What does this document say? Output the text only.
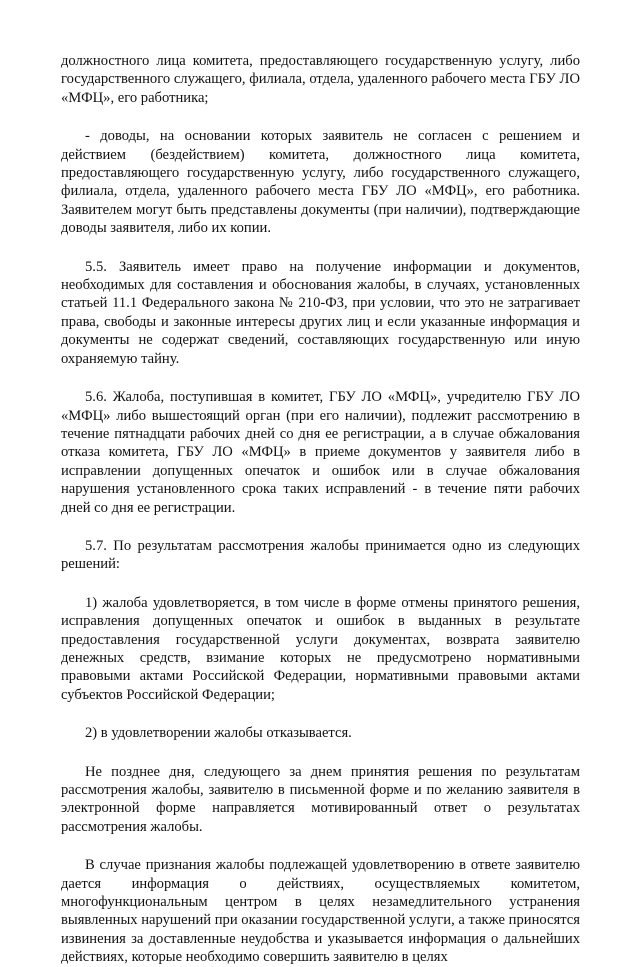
должностного лица комитета, предоставляющего государственную услугу, либо государственного служащего, филиала, отдела, удаленного рабочего места ГБУ ЛО «МФЦ», его работника;

- доводы, на основании которых заявитель не согласен с решением и действием (бездействием) комитета, должностного лица комитета, предоставляющего государственную услугу, либо государственного служащего, филиала, отдела, удаленного рабочего места ГБУ ЛО «МФЦ», его работника. Заявителем могут быть представлены документы (при наличии), подтверждающие доводы заявителя, либо их копии.

5.5. Заявитель имеет право на получение информации и документов, необходимых для составления и обоснования жалобы, в случаях, установленных статьей 11.1 Федерального закона № 210-ФЗ, при условии, что это не затрагивает права, свободы и законные интересы других лиц и если указанные информация и документы не содержат сведений, составляющих государственную или иную охраняемую тайну.

5.6. Жалоба, поступившая в комитет, ГБУ ЛО «МФЦ», учредителю ГБУ ЛО «МФЦ» либо вышестоящий орган (при его наличии), подлежит рассмотрению в течение пятнадцати рабочих дней со дня ее регистрации, а в случае обжалования отказа комитета, ГБУ ЛО «МФЦ» в приеме документов у заявителя либо в исправлении допущенных опечаток и ошибок или в случае обжалования нарушения установленного срока таких исправлений - в течение пяти рабочих дней со дня ее регистрации.

5.7. По результатам рассмотрения жалобы принимается одно из следующих решений:

1) жалоба удовлетворяется, в том числе в форме отмены принятого решения, исправления допущенных опечаток и ошибок в выданных в результате предоставления государственной услуги документах, возврата заявителю денежных средств, взимание которых не предусмотрено нормативными правовыми актами Российской Федерации, нормативными правовыми актами субъектов Российской Федерации;

2) в удовлетворении жалобы отказывается.

Не позднее дня, следующего за днем принятия решения по результатам рассмотрения жалобы, заявителю в письменной форме и по желанию заявителя в электронной форме направляется мотивированный ответ о результатах рассмотрения жалобы.

В случае признания жалобы подлежащей удовлетворению в ответе заявителю дается информация о действиях, осуществляемых комитетом, многофункциональным центром в целях незамедлительного устранения выявленных нарушений при оказании государственной услуги, а также приносятся извинения за доставленные неудобства и указывается информация о дальнейших действиях, которые необходимо совершить заявителю в целях
